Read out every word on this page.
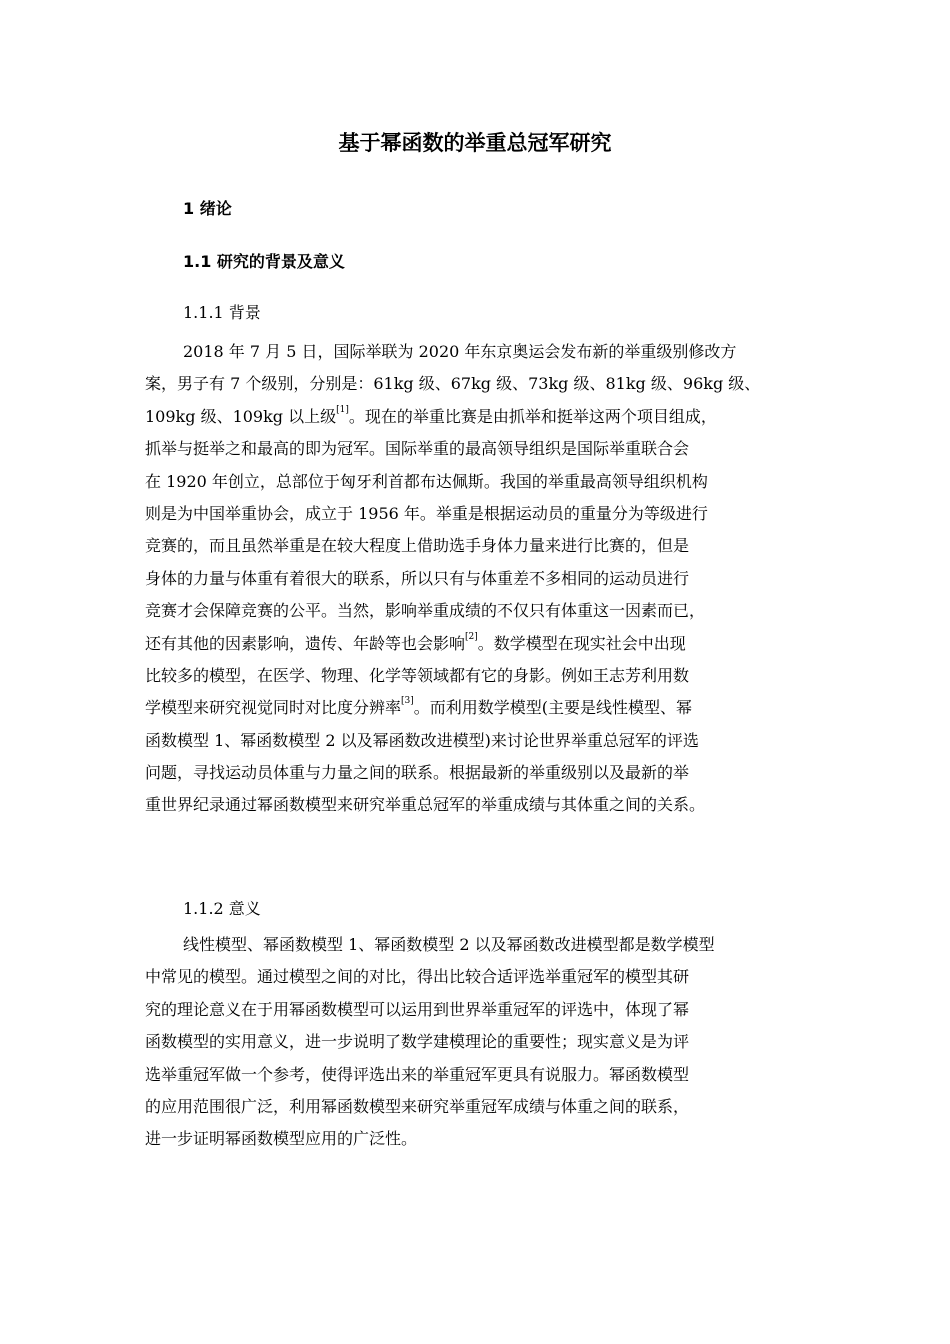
基于幂函数的举重总冠军研究
1 绪论
1.1 研究的背景及意义
1.1.1 背景
2018 年 7 月 5 日，国际举联为 2020 年东京奥运会发布新的举重级别修改方
案，男子有 7 个级别，分别是：61kg 级、67kg 级、73kg 级、81kg 级、96kg 级、
109kg 级、109kg 以上级[1]。现在的举重比赛是由抓举和挺举这两个项目组成，
抓举与挺举之和最高的即为冠军。国际举重的最高领导组织是国际举重联合会
在 1920 年创立，总部位于匈牙利首都布达佩斯。我国的举重最高领导组织机构
则是为中国举重协会，成立于 1956 年。举重是根据运动员的重量分为等级进行
竞赛的，而且虽然举重是在较大程度上借助选手身体力量来进行比赛的，但是
身体的力量与体重有着很大的联系，所以只有与体重差不多相同的运动员进行
竞赛才会保障竞赛的公平。当然，影响举重成绩的不仅只有体重这一因素而已，
还有其他的因素影响，遗传、年龄等也会影响[2]。数学模型在现实社会中出现
比较多的模型，在医学、物理、化学等领域都有它的身影。例如王志芳利用数
学模型来研究视觉同时对比度分辨率[3]。而利用数学模型(主要是线性模型、幂
函数模型 1、幂函数模型 2 以及幂函数改进模型)来讨论世界举重总冠军的评选
问题，寻找运动员体重与力量之间的联系。根据最新的举重级别以及最新的举
重世界纪录通过幂函数模型来研究举重总冠军的举重成绩与其体重之间的关系。
1.1.2 意义
线性模型、幂函数模型 1、幂函数模型 2 以及幂函数改进模型都是数学模型
中常见的模型。通过模型之间的对比，得出比较合适评选举重冠军的模型其研
究的理论意义在于用幂函数模型可以运用到世界举重冠军的评选中，体现了幂
函数模型的实用意义，进一步说明了数学建模理论的重要性；现实意义是为评
选举重冠军做一个参考，使得评选出来的举重冠军更具有说服力。幂函数模型
的应用范围很广泛，利用幂函数模型来研究举重冠军成绩与体重之间的联系，
进一步证明幂函数模型应用的广泛性。
